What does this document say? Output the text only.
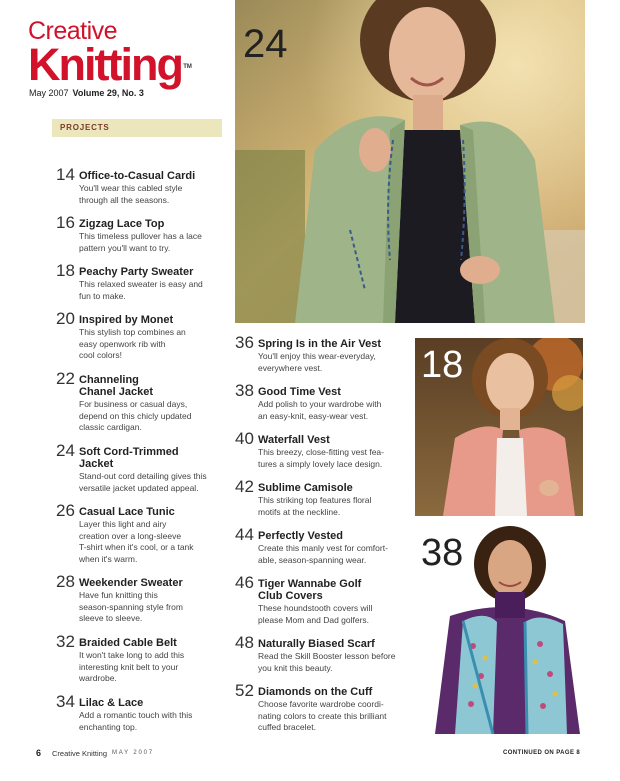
Creative
Knitting TM
May 2007 Volume 29, No. 3
PROJECTS
14 Office-to-Casual Cardi
You'll wear this cabled style
through all the seasons.
16 Zigzag Lace Top
This timeless pullover has a lace
pattern you'll want to try.
18 Peachy Party Sweater
This relaxed sweater is easy and
fun to make.
20 Inspired by Monet
This stylish top combines an
easy openwork rib with
cool colors!
22 Channeling
Chanel Jacket
For business or casual days,
depend on this chicly updated
classic cardigan.
24 Soft Cord-Trimmed
Jacket
Stand-out cord detailing gives this
versatile jacket updated appeal.
26 Casual Lace Tunic
Layer this light and airy
creation over a long-sleeve
T-shirt when it's cool, or a tank
when it's warm.
28 Weekender Sweater
Have fun knitting this
season-spanning style from
sleeve to sleeve.
32 Braided Cable Belt
It won't take long to add this
interesting knit belt to your
wardrobe.
34 Lilac & Lace
Add a romantic touch with this
enchanting top.
36 Spring Is in the Air Vest
You'll enjoy this wear-everyday,
everywhere vest.
38 Good Time Vest
Add polish to your wardrobe with
an easy-knit, easy-wear vest.
40 Waterfall Vest
This breezy, close-fitting vest fea-
tures a simply lovely lace design.
42 Sublime Camisole
This striking top features floral
motifs at the neckline.
44 Perfectly Vested
Create this manly vest for comfort-
able, season-spanning wear.
46 Tiger Wannabe Golf
Club Covers
These houndstooth covers will
please Mom and Dad golfers.
48 Naturally Biased Scarf
Read the Skill Booster lesson before
you knit this beauty.
52 Diamonds on the Cuff
Choose favorite wardrobe coordi-
nating colors to create this brilliant
cuffed bracelet.
24
18
38
6 Creative Knitting MAY 2007	CONTINUED ON PAGE 8
